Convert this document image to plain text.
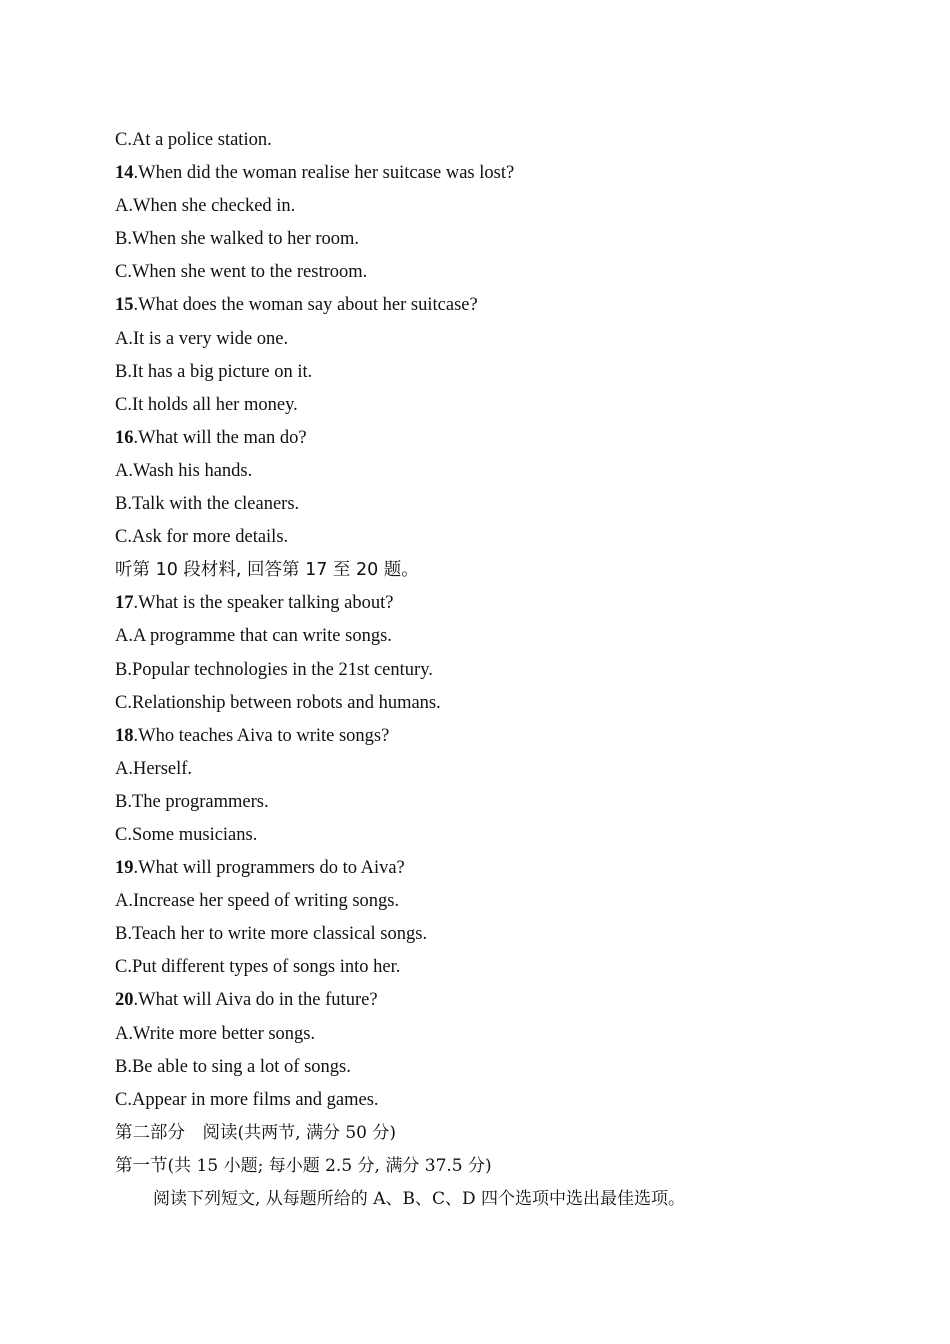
C.At a police station.
14.When did the woman realise her suitcase was lost?
A.When she checked in.
B.When she walked to her room.
C.When she went to the restroom.
15.What does the woman say about her suitcase?
A.It is a very wide one.
B.It has a big picture on it.
C.It holds all her money.
16.What will the man do?
A.Wash his hands.
B.Talk with the cleaners.
C.Ask for more details.
听第 10 段材料, 回答第 17 至 20 题。
17.What is the speaker talking about?
A.A programme that can write songs.
B.Popular technologies in the 21st century.
C.Relationship between robots and humans.
18.Who teaches Aiva to write songs?
A.Herself.
B.The programmers.
C.Some musicians.
19.What will programmers do to Aiva?
A.Increase her speed of writing songs.
B.Teach her to write more classical songs.
C.Put different types of songs into her.
20.What will Aiva do in the future?
A.Write more better songs.
B.Be able to sing a lot of songs.
C.Appear in more films and games.
第二部分　阅读(共两节, 满分 50 分)
第一节(共 15 小题; 每小题 2.5 分, 满分 37.5 分)
阅读下列短文, 从每题所给的 A、B、C、D 四个选项中选出最佳选项。
